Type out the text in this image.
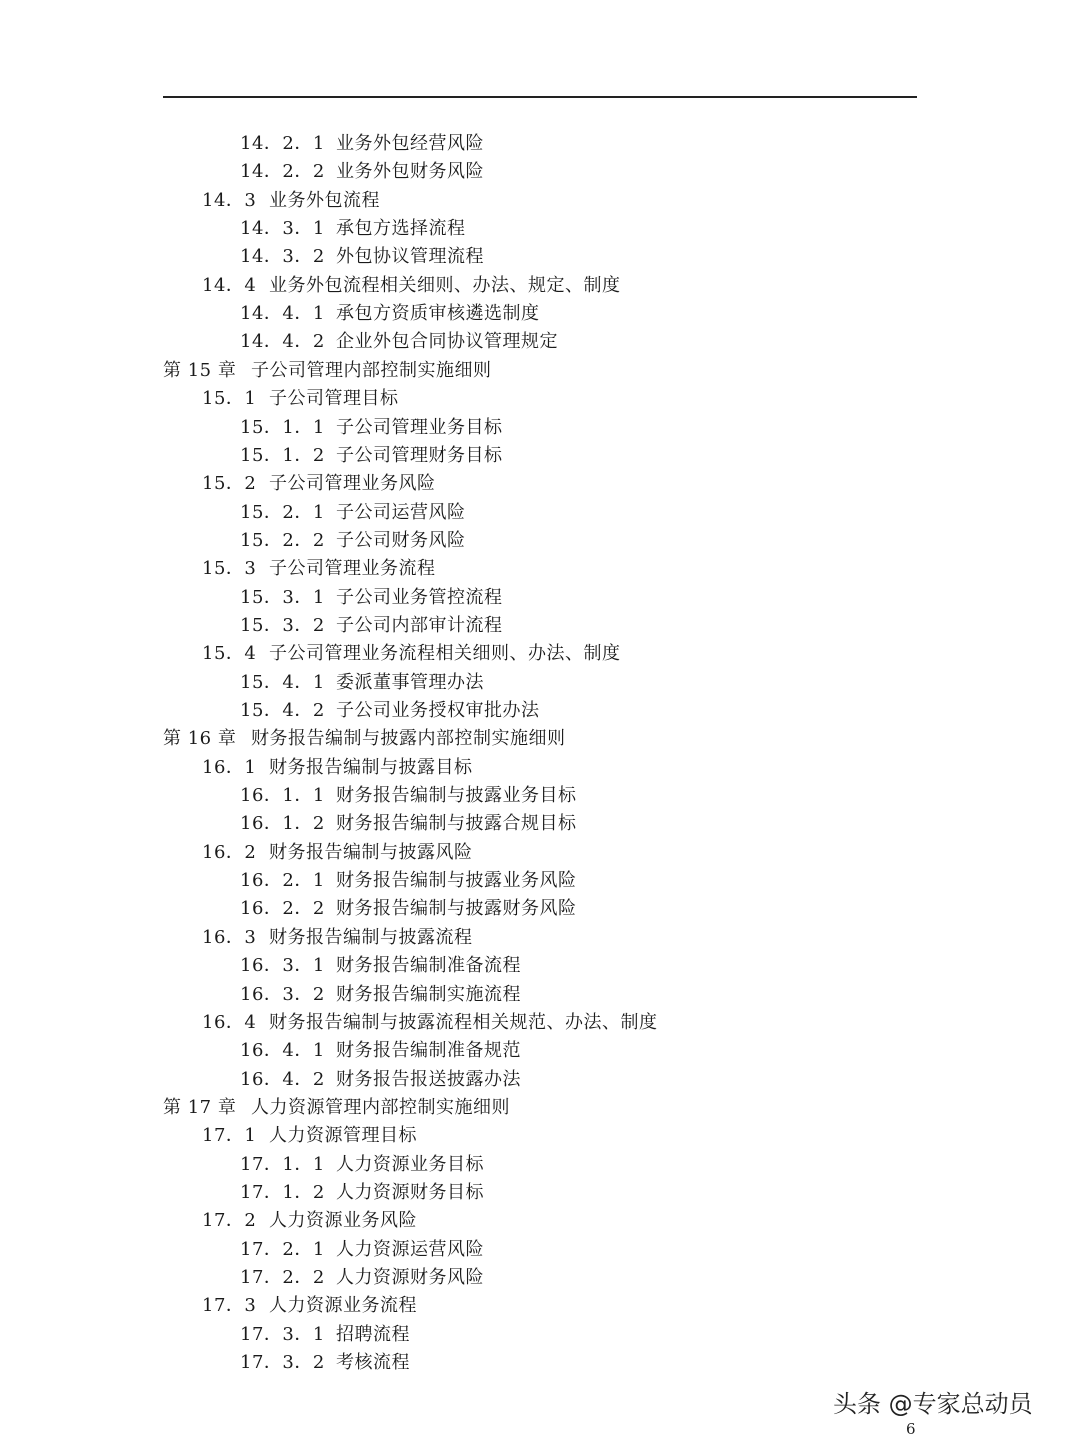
14．2．1 业务外包经营风险
14．2．2 业务外包财务风险
14．3 业务外包流程
14．3．1 承包方选择流程
14．3．2 外包协议管理流程
14．4 业务外包流程相关细则、办法、规定、制度
14．4．1 承包方资质审核遴选制度
14．4．2 企业外包合同协议管理规定
第 15 章 子公司管理内部控制实施细则
15．1 子公司管理目标
15．1．1 子公司管理业务目标
15．1．2 子公司管理财务目标
15．2 子公司管理业务风险
15．2．1 子公司运营风险
15．2．2 子公司财务风险
15．3 子公司管理业务流程
15．3．1 子公司业务管控流程
15．3．2 子公司内部审计流程
15．4 子公司管理业务流程相关细则、办法、制度
15．4．1 委派董事管理办法
15．4．2 子公司业务授权审批办法
第 16 章 财务报告编制与披露内部控制实施细则
16．1 财务报告编制与披露目标
16．1．1 财务报告编制与披露业务目标
16．1．2 财务报告编制与披露合规目标
16．2 财务报告编制与披露风险
16．2．1 财务报告编制与披露业务风险
16．2．2 财务报告编制与披露财务风险
16．3 财务报告编制与披露流程
16．3．1 财务报告编制准备流程
16．3．2 财务报告编制实施流程
16．4 财务报告编制与披露流程相关规范、办法、制度
16．4．1 财务报告编制准备规范
16．4．2 财务报告报送披露办法
第 17 章 人力资源管理内部控制实施细则
17．1 人力资源管理目标
17．1．1 人力资源业务目标
17．1．2 人力资源财务目标
17．2 人力资源业务风险
17．2．1 人力资源运营风险
17．2．2 人力资源财务风险
17．3 人力资源业务流程
17．3．1 招聘流程
17．3．2 考核流程
头条 @专家总动员
6
